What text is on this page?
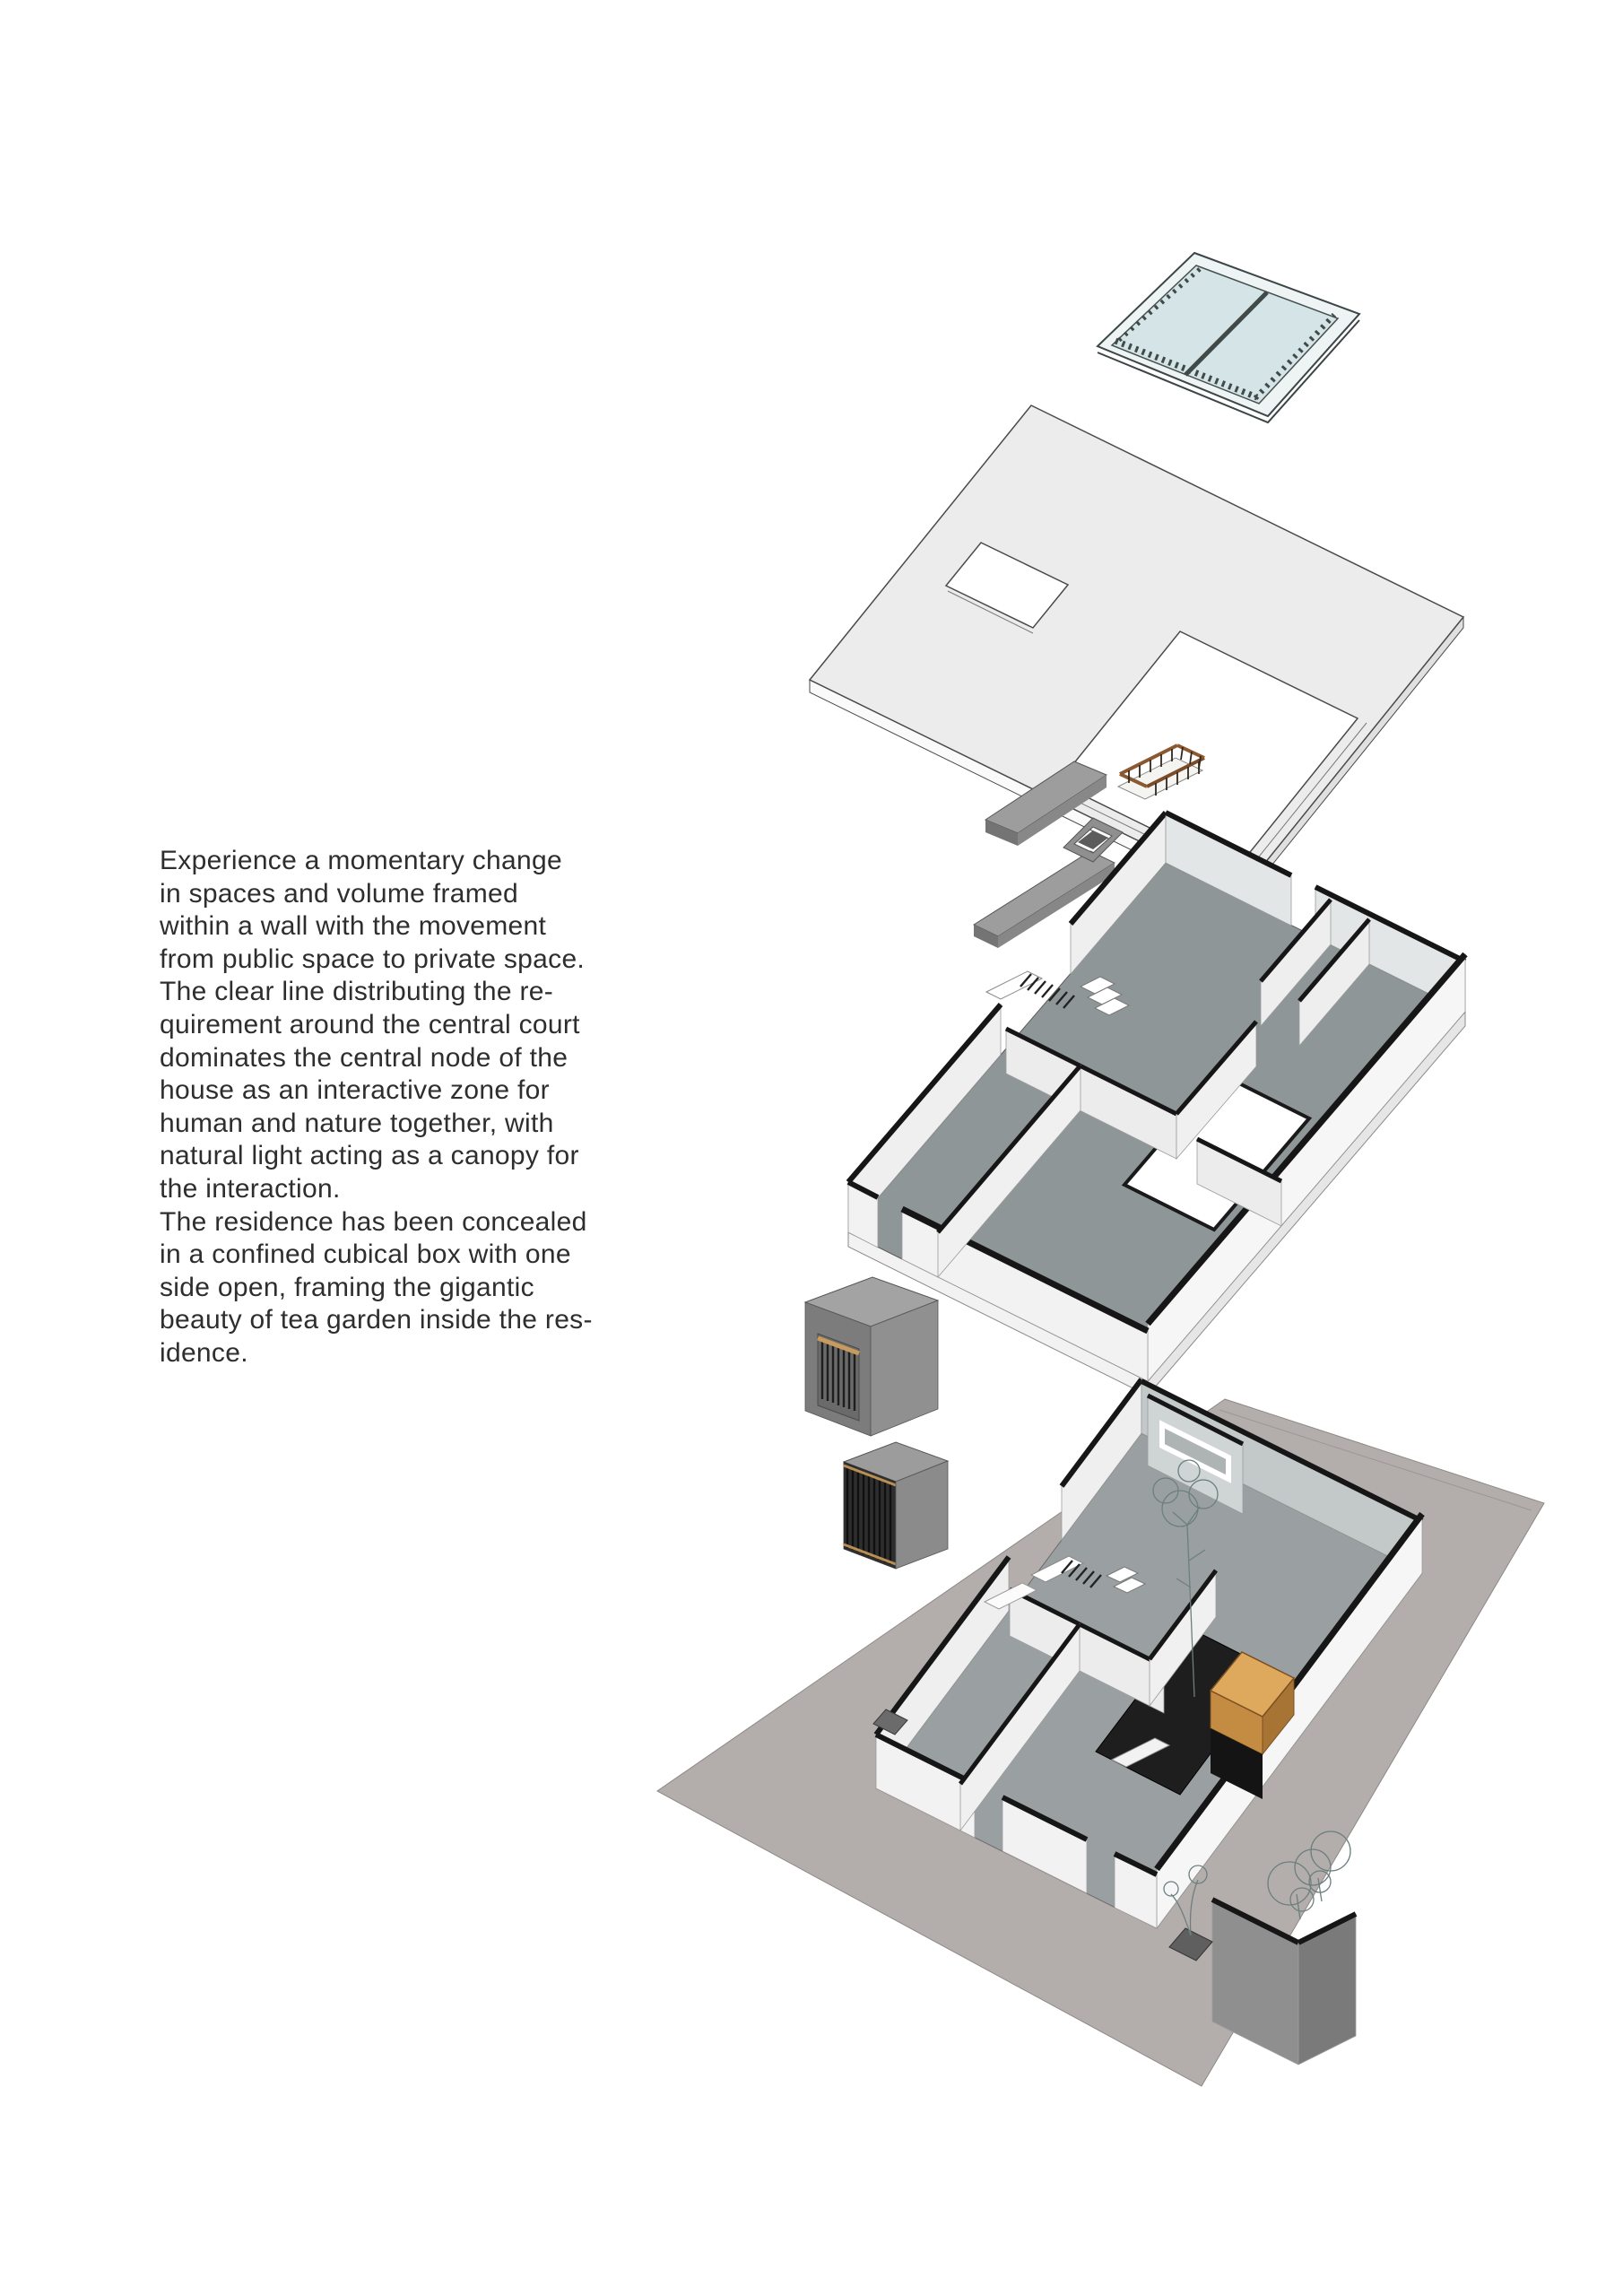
Experience a momentary change
in spaces and volume framed
within a wall with the movement
from public space to private space.
The clear line distributing the re-
quirement around the central court
dominates the central node of the
house as an interactive zone for
human and nature together, with
natural light acting as a canopy for
the interaction.
The residence has been concealed
in a confined cubical box with one
side open, framing the gigantic
beauty of tea garden inside the res-
idence.
